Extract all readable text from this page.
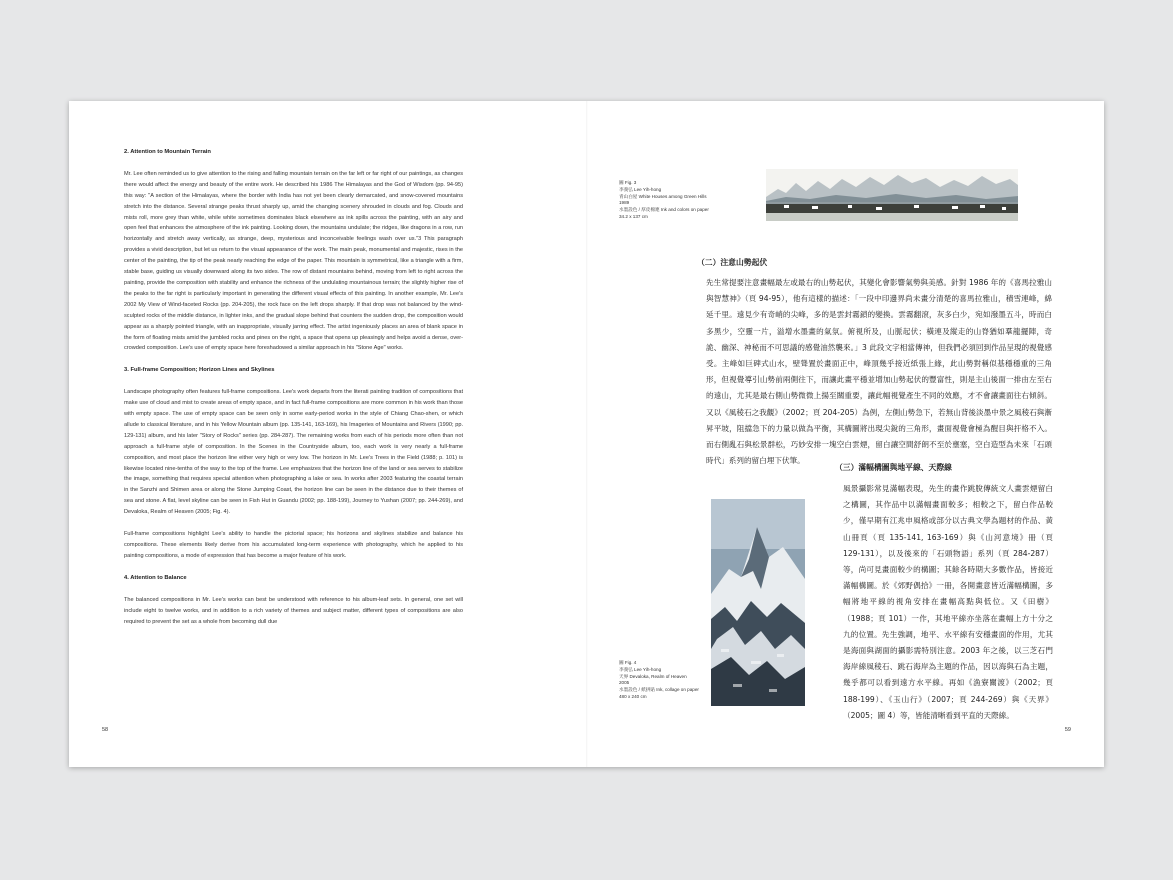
2. Attention to Mountain Terrain

Mr. Lee often reminded us to give attention to the rising and falling mountain terrain on the far left or far right of our paintings, as changes there would affect the energy and beauty of the entire work. He described his 1986 The Himalayas and the God of Wisdom (pp. 94-95) this way: "A section of the Himalayas, where the border with India has not yet been clearly demarcated, and snow-covered mountains stretch into the distance. Several strange peaks thrust sharply up, amid the changing scenery shrouded in clouds and fog. Clouds and mists roll, more grey than white, while white sometimes dominates black elsewhere as ink spills across the painting, with an airy and open feel that enhances the atmosphere of the ink painting. Looking down, the mountains undulate; the ridges, like dragons in a row, run horizontally and stretch away vertically, as strange, deep, mysterious and inconceivable feelings wash over us."3 This paragraph provides a vivid description, but let us return to the visual appearance of the work. The main peak, monumental and majestic, rises in the center of the painting, the tip of the peak nearly reaching the edge of the paper. This mountain is symmetrical, like a triangle with a firm, stable base, guiding us visually downward along its two sides. The row of distant mountains behind, moving from left to right across the painting, provide the composition with stability and enhance the richness of the undulating mountainous terrain; the slightly higher rise of the peaks to the far right is particularly important in generating the different visual effects of this painting. In another example, Mr. Lee's 2002 My View of Wind-faceted Rocks (pp. 204-205), the rock face on the left drops sharply. If that drop was not balanced by the wind-sculpted rocks of the middle distance, in lighter inks, and the gradual slope behind that counters the sudden drop, the composition would appear as a sharply pointed triangle, with an inappropriate, visually jarring effect. The artist ingeniously places an area of blank space in the form of floating mists amid the jumbled rocks and pines on the right, a space that opens up pleasingly and helps avoid a dense, over-crowded composition. Lee's use of empty space here foreshadowed a similar approach in his "Stone Age" works.

3. Full-frame Composition; Horizon Lines and Skylines

Landscape photography often features full-frame compositions. Lee's work departs from the literati painting tradition of compositions that make use of cloud and mist to create areas of empty space, and in fact full-frame compositions are more common in his work than those with empty space. The use of empty space can be seen only in some early-period works in the style of Chiang Chao-shen, or which allude to classical literature, and in his Yellow Mountain album (pp. 135-141, 163-169), his Imageries of Mountains and Rivers (1990; pp. 129-131) album, and his later "Story of Rocks" series (pp. 284-287). The remaining works from each of his periods more often than not approach a full-frame style of composition. In the Scenes in the Countryside album, too, each work is very nearly a full-frame composition, and most place the horizon line either very high or very low. The horizon in Mr. Lee's Trees in the Field (1988; p. 101) is likewise located nine-tenths of the way to the top of the frame. Lee emphasizes that the horizon line of the land or sea serves to stabilize the image, something that requires special attention when photographing a lake or sea. In works after 2003 featuring the coastal terrain in the Sanzhi and Shimen area or along the Stone Jumping Coast, the horizon line can be seen in the distance due to their themes of sea and stone. A flat, level skyline can be seen in Fish Hut in Guandu (2002; pp. 188-199), Journey to Yushan (2007; pp. 244-269), and Devaloka, Realm of Heaven (2005; Fig. 4).

Full-frame compositions highlight Lee's ability to handle the pictorial space; his horizons and skylines stabilize and balance his compositions. These elements likely derive from his accumulated long-term experience with photography, which he applied to his painting compositions, a mode of expression that has become a major feature of his work.

4. Attention to Balance

The balanced compositions in Mr. Lee's works can best be understood with reference to his album-leaf sets. In general, one set will include eight to twelve works, and in addition to a rich variety of themes and subject matter, different types of compositions are also required to prevent the set as a whole from becoming dull due

58
圖 Fig. 3
李義弘 Lee Yih-hong
青山白屋 White Houses among Green Hills
1989
水墨設色 / 厚皮棉連 Ink and colors on paper
34.2 x 137 cm
（二）注意山勢起伏
先生常提要注意畫幅最左或最右的山勢起伏，其變化會影響氣勢與美感。針對 1986 年的《喜馬拉雅山與智慧神》（頁 94-95），他有這樣的描述：「一段中印邊界尚未畫分清楚的喜馬拉雅山，積雪連峰，綿延千里。遠見少有奇峭的尖峰，多的是雲封霧鎖的變換。雲霧翻滾，灰多白少，宛如潑墨五斗，時而白多黑少，空靈一片，溢增水墨畫的氣氛。俯視所及，山脈起伏；橫連及縱走的山脊猶如羣龍擺陣，奇詭、幽深、神秘而不可思議的感覺油然襲來。」3 此段文字相當傳神，但我們必須回到作品呈現的視覺感受。主峰如巨碑式山水，壁聳置於畫面正中，峰頂幾乎接近紙張上緣，此山勢對稱似基穩穩重的三角形，但視覺導引山勢前兩側往下，而讓此畫平穩並增加山勢起伏的豐富性，則是主山後面一排由左至右的遠山，尤其是最右側山勢微微上揚至關重要，讓此幅視覺產生不同的效應，才不會讓畫面往右傾斜。又以《風稜石之我觀》（2002；頁 204-205）為例，左側山勢急下，若無山背後淡墨中景之風稜石與漸昇平坡，阻擋急下的力量以做為平衡，其構圖將出現尖銳的三角形，畫面視覺會極為醒目與扞格不入。而右側亂石與松景群松，巧妙安排一塊空白雲煙，留白讓空間舒朗不至於壅塞，空白造型為未來「石頭時代」系列的留白埋下伏筆。
（三）滿幅構圖與地平線、天際線
風景攝影常見滿幅表現，先生的畫作跳脫傳統文人畫雲煙留白之構圖，其作品中以滿幅畫面較多；相較之下，留白作品較少，僅早期有江兆申風格或部分以古典文學為題材的作品、黃山冊頁（頁 135-141, 163-169）與《山河意境》冊（頁 129-131），以及後來的「石頭物語」系列（頁 284-287）等，尚可見畫面較少的構圖；其餘各時期大多數作品，皆接近滿幅構圖。於《郊野偶拾》一冊，各開畫意皆近滿幅構圖，多幅將地平線的視角安排在畫幅高點與低位。又《田樹》（1988；頁 101）一作，其地平線亦坐落在畫幅上方十分之九的位置。先生強調，地平、水平線有安穩畫面的作用，尤其是海面與湖面的攝影需特別注意。2003 年之後，以三芝石門海岸線風稜石、跳石海岸為主題的作品，因以海與石為主題，幾乎都可以看到遠方水平線。再如《漁寮關渡》（2002；頁 188-199）、《玉山行》（2007；頁 244-269）與《天界》（2005；圖 4）等，皆能清晰看到平直的天際線。
圖 Fig. 4
李義弘 Lee Yih-hong
天界 Devaloka, Realm of Heaven
2005
水墨設色 / 紙拼貼 Ink, collage on paper
480 x 240 cm
59
